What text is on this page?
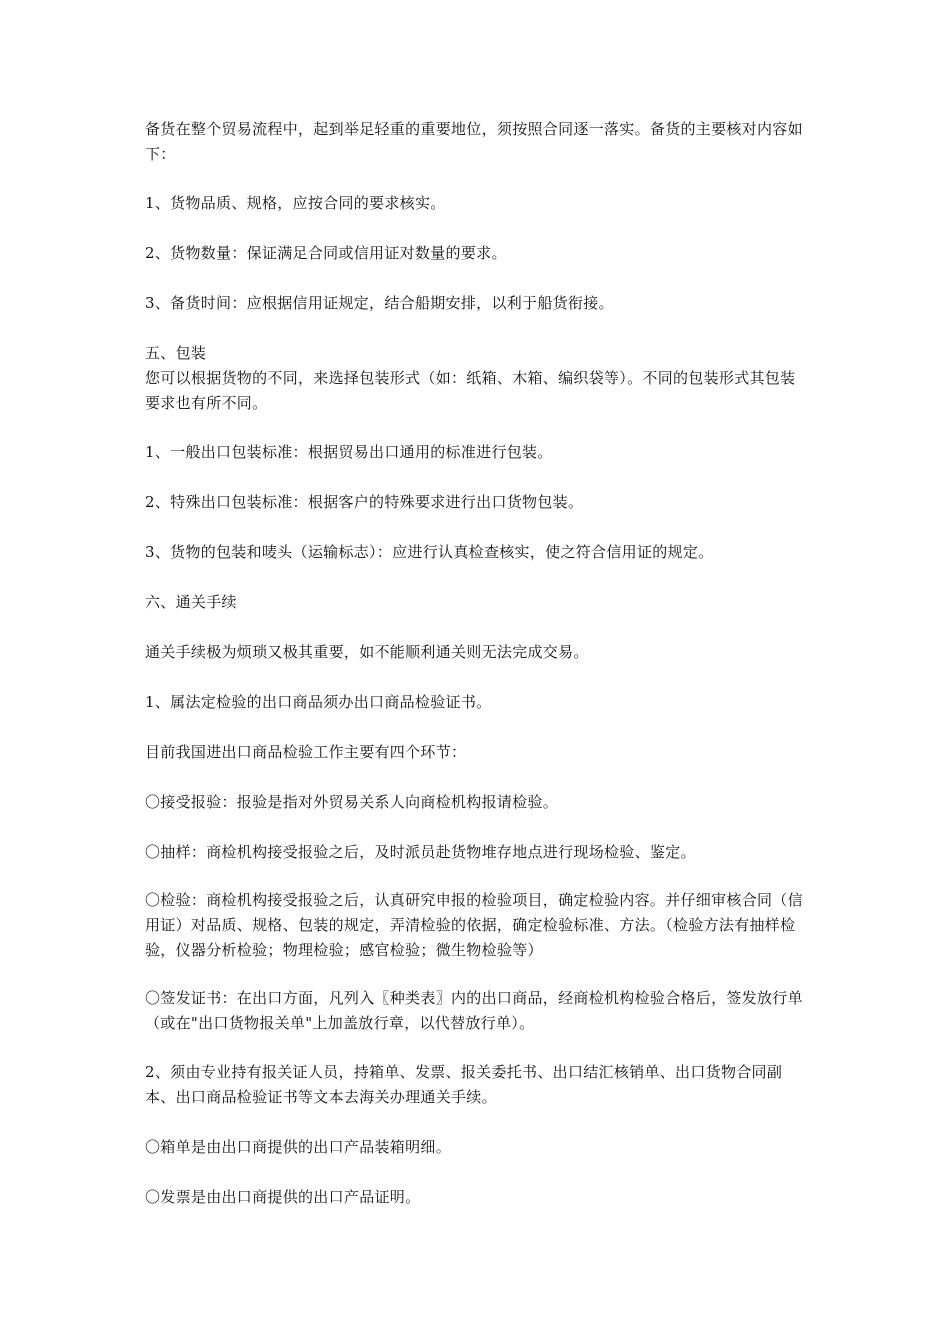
备货在整个贸易流程中，起到举足轻重的重要地位，须按照合同逐一落实。备货的主要核对内容如下：
1、货物品质、规格，应按合同的要求核实。
2、货物数量：保证满足合同或信用证对数量的要求。
3、备货时间：应根据信用证规定，结合船期安排，以利于船货衔接。
五、包装
您可以根据货物的不同，来选择包装形式（如：纸箱、木箱、编织袋等）。不同的包装形式其包装要求也有所不同。
1、一般出口包装标准：根据贸易出口通用的标准进行包装。
2、特殊出口包装标准：根据客户的特殊要求进行出口货物包装。
3、货物的包装和唛头（运输标志）：应进行认真检查核实，使之符合信用证的规定。
六、通关手续
通关手续极为烦琐又极其重要，如不能顺利通关则无法完成交易。
1、属法定检验的出口商品须办出口商品检验证书。
目前我国进出口商品检验工作主要有四个环节：
〇接受报验：报验是指对外贸易关系人向商检机构报请检验。
〇抽样：商检机构接受报验之后，及时派员赴货物堆存地点进行现场检验、鉴定。
〇检验：商检机构接受报验之后，认真研究申报的检验项目，确定检验内容。并仔细审核合同（信用证）对品质、规格、包装的规定，弄清检验的依据，确定检验标准、方法。（检验方法有抽样检验，仪器分析检验；物理检验；感官检验；微生物检验等）
〇签发证书：在出口方面，凡列入〖种类表〗内的出口商品，经商检机构检验合格后，签发放行单（或在"出口货物报关单"上加盖放行章，以代替放行单）。
2、须由专业持有报关证人员，持箱单、发票、报关委托书、出口结汇核销单、出口货物合同副本、出口商品检验证书等文本去海关办理通关手续。
〇箱单是由出口商提供的出口产品装箱明细。
〇发票是由出口商提供的出口产品证明。
